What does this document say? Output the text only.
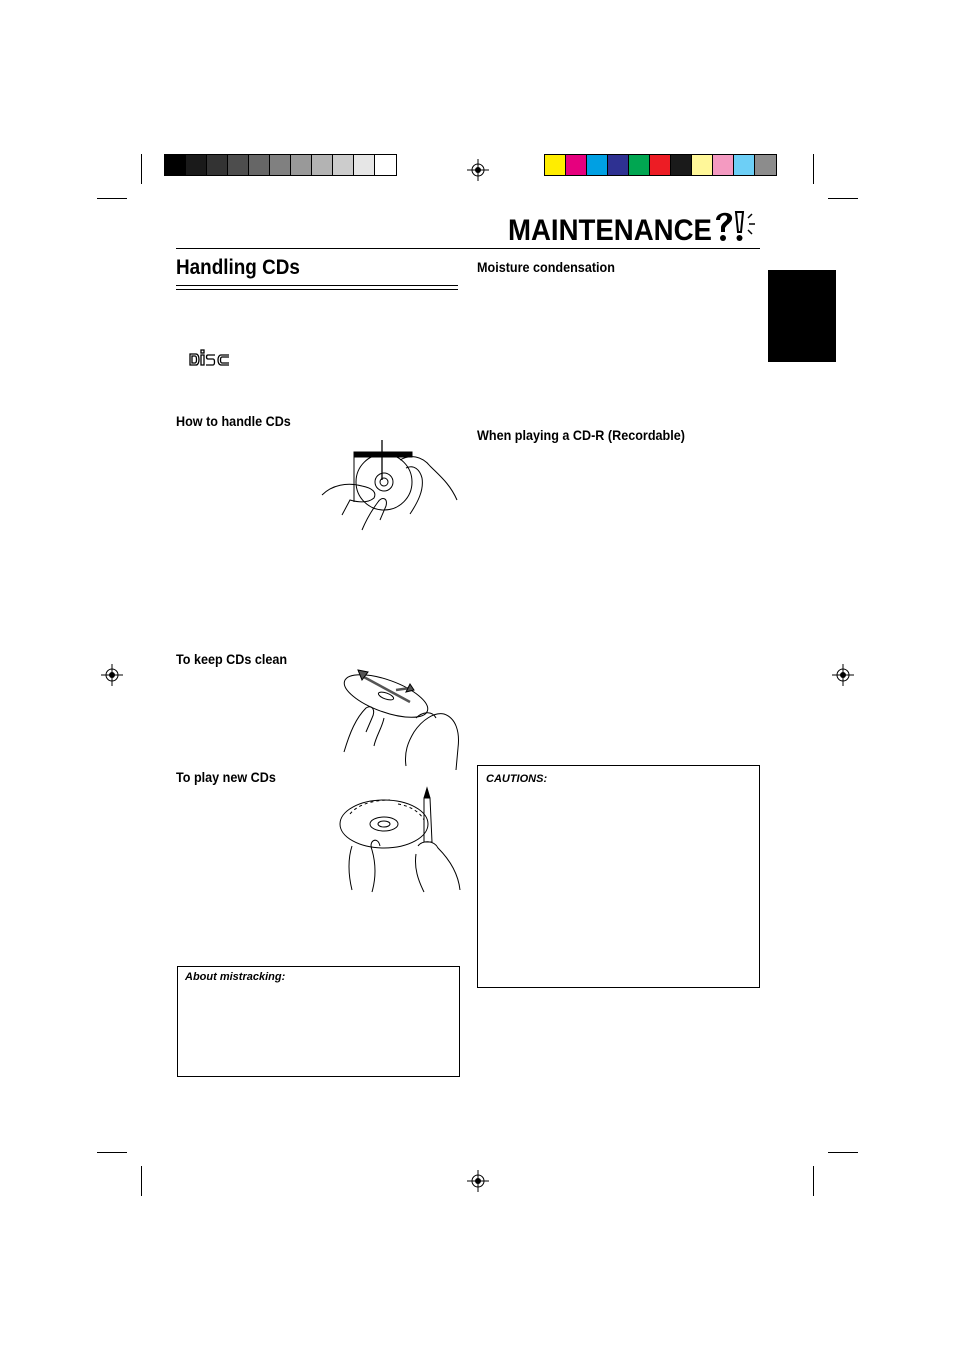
MAINTENANCE
Handling CDs
How to handle CDs
To keep CDs clean
To play new CDs
About mistracking:
Moisture condensation
When playing a CD-R (Recordable)
CAUTIONS:
